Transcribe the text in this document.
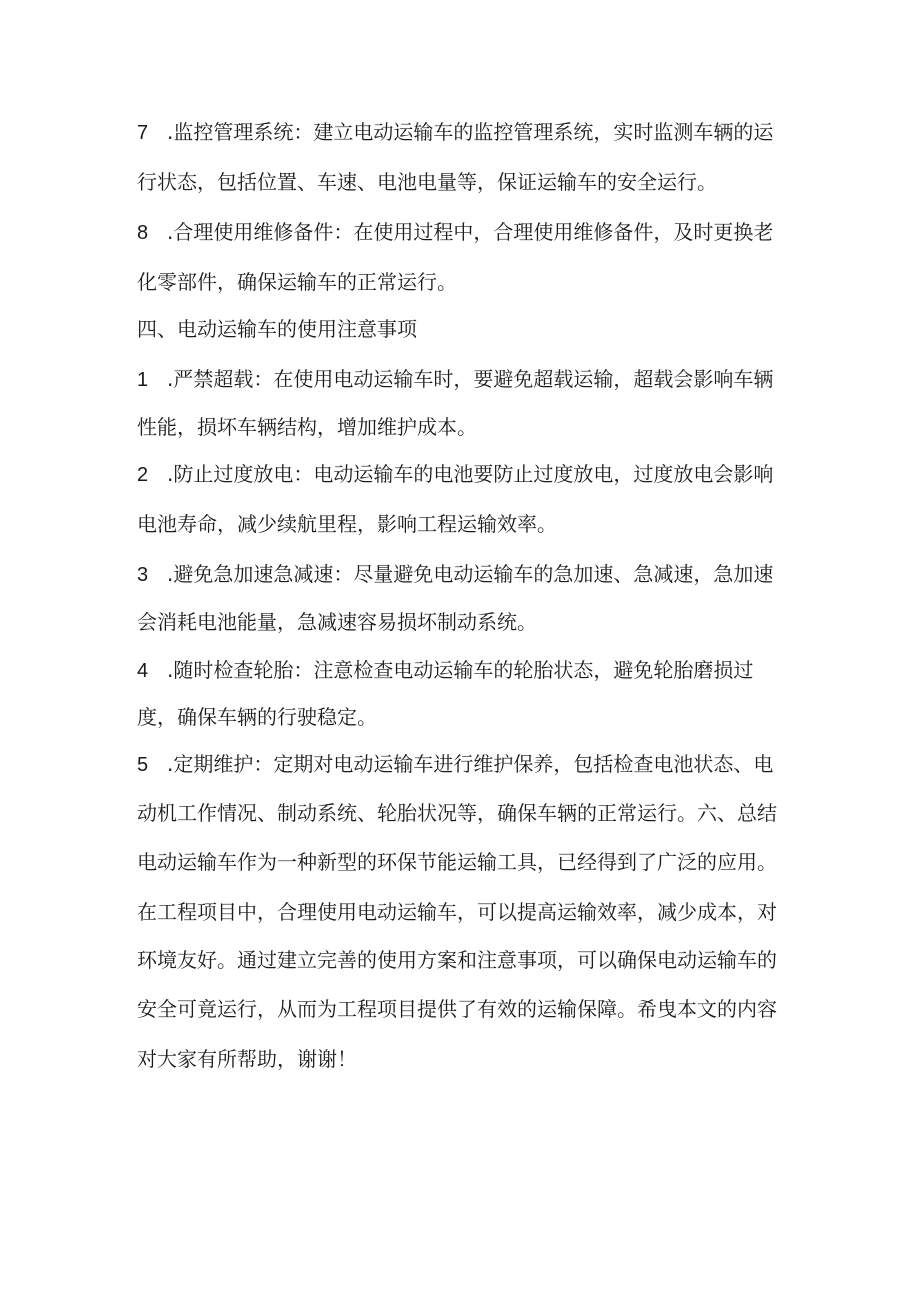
7 .监控管理系统：建立电动运输车的监控管理系统，实时监测车辆的运
行状态，包括位置、车速、电池电量等，保证运输车的安全运行。
8 .合理使用维修备件：在使用过程中，合理使用维修备件，及时更换老
化零部件，确保运输车的正常运行。
四、电动运输车的使用注意事项
1 .严禁超载：在使用电动运输车时，要避免超载运输，超载会影响车辆
性能，损坏车辆结构，增加维护成本。
2 .防止过度放电：电动运输车的电池要防止过度放电，过度放电会影响
电池寿命，减少续航里程，影响工程运输效率。
3 .避免急加速急减速：尽量避免电动运输车的急加速、急减速，急加速
会消耗电池能量，急减速容易损坏制动系统。
4 .随时检查轮胎：注意检查电动运输车的轮胎状态，避免轮胎磨损过
度，确保车辆的行驶稳定。
5 .定期维护：定期对电动运输车进行维护保养，包括检查电池状态、电
动机工作情况、制动系统、轮胎状况等，确保车辆的正常运行。六、总结
电动运输车作为一种新型的环保节能运输工具，已经得到了广泛的应用。
在工程项目中，合理使用电动运输车，可以提高运输效率，减少成本，对
环境友好。通过建立完善的使用方案和注意事项，可以确保电动运输车的
安全可竟运行，从而为工程项目提供了有效的运输保障。希曳本文的内容
对大家有所帮助，谢谢！
